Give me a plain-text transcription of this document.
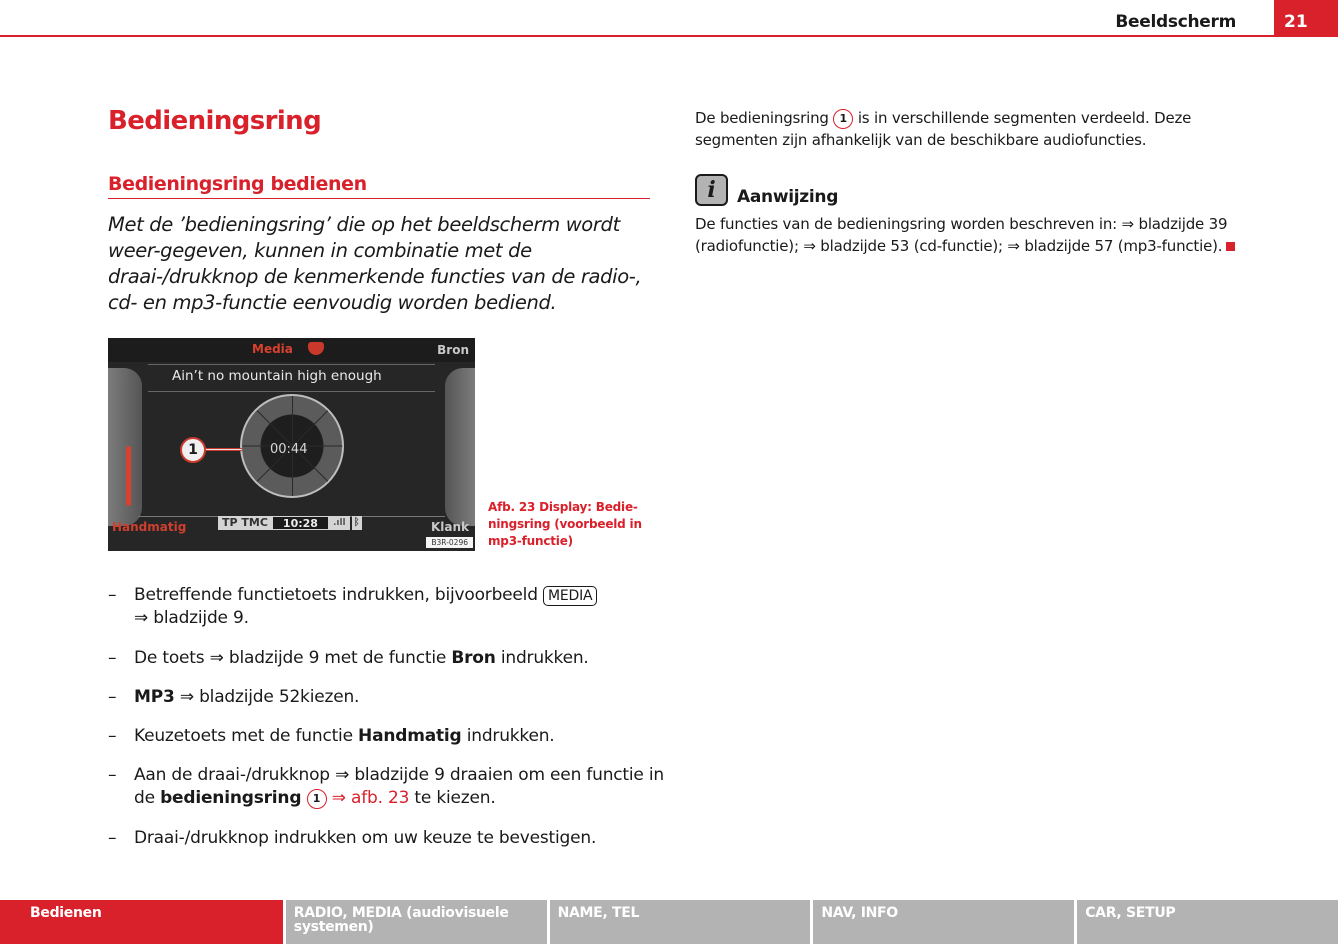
Beeldscherm	21
Bedieningsring
Bedieningsring bedienen

Met de ’bedieningsring’ die op het beeldscherm wordt weer-gegeven, kunnen in combinatie met de draai-/drukknop de kenmerkende functies van de radio-, cd- en mp3-functie eenvoudig worden bediend.

Media	Bron
Ain’t no mountain high enough
00:44
1
Handmatig	TP TMC	10:28	.ıll ᛒ	Klank
B3R-0296
Afb. 23 Display: Bedie-ningsring (voorbeeld in mp3-functie)
– Betreffende functietoets indrukken, bijvoorbeeld MEDIA
⇒ bladzijde 9.
– De toets ⇒ bladzijde 9 met de functie Bron indrukken.
– MP3 ⇒ bladzijde 52kiezen.
– Keuzetoets met de functie Handmatig indrukken.
– Aan de draai-/drukknop ⇒ bladzijde 9 draaien om een functie in de bedieningsring 1 ⇒ afb. 23 te kiezen.
– Draai-/drukknop indrukken om uw keuze te bevestigen.

De bedieningsring 1 is in verschillende segmenten verdeeld. Deze segmenten zijn afhankelijk van de beschikbare audiofuncties.

i	Aanwijzing

De functies van de bedieningsring worden beschreven in: ⇒ bladzijde 39 (radiofunctie); ⇒ bladzijde 53 (cd-functie); ⇒ bladzijde 57 (mp3-functie).

Bedienen	RADIO, MEDIA (audiovisuele systemen)
NAME, TEL	NAV, INFO	CAR, SETUP
